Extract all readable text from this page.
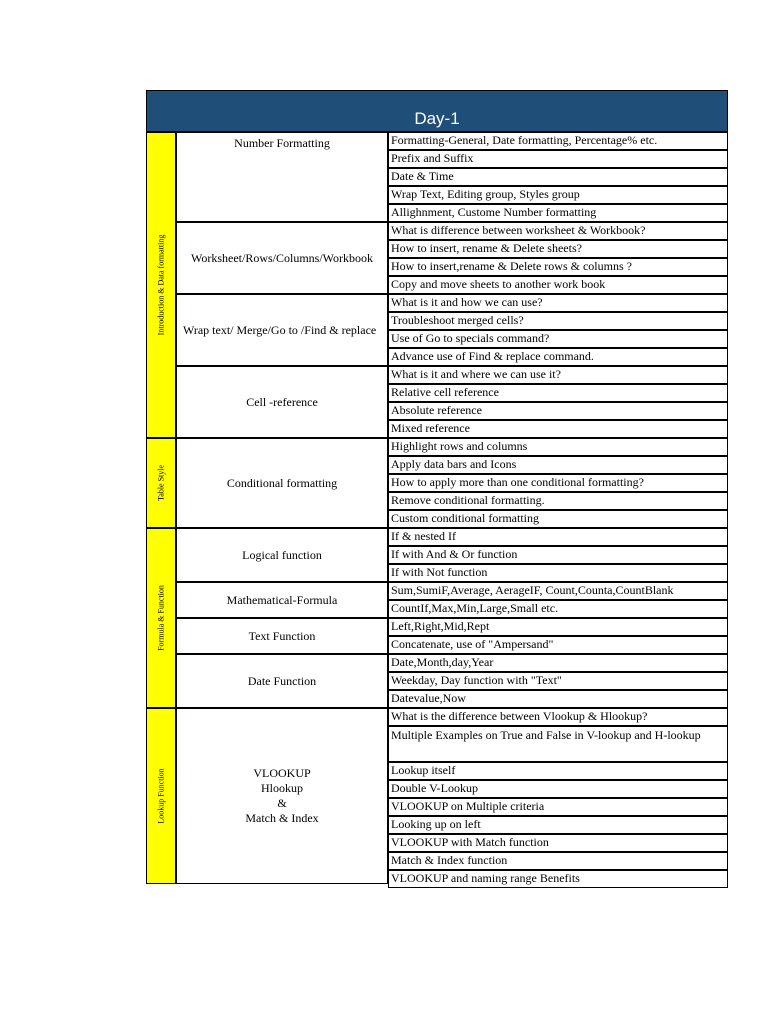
Day-1
Introduction & Data formatting
Table Style
Formula & Function
Lookup Function
Number Formatting
Worksheet/Rows/Columns/Workbook
Wrap text/ Merge/Go to /Find & replace
Cell -reference
Conditional formatting
Logical function
Mathematical-Formula
Text Function
Date Function
VLOOKUP
Hlookup
&
Match & Index
Formatting-General, Date formatting, Percentage% etc.
Prefix and Suffix
Date & Time
Wrap Text, Editing group, Styles group
Allighnment, Custome Number formatting
What is difference between worksheet & Workbook?
How to insert, rename & Delete sheets?
How to insert,rename & Delete rows & columns ?
Copy and move sheets to another work book
What is it and how we can use?
Troubleshoot merged cells?
Use of Go to specials command?
Advance use of Find & replace command.
What is it and where we can use it?
Relative cell reference
Absolute reference
Mixed reference
Highlight rows and columns
Apply data bars and Icons
How to apply more than one conditional formatting?
Remove conditional formatting.
Custom conditional formatting
If & nested If
If with And & Or function
If with Not function
Sum,SumiF,Average, AerageIF, Count,Counta,CountBlank
CountIf,Max,Min,Large,Small etc.
Left,Right,Mid,Rept
Concatenate, use of "Ampersand"
Date,Month,day,Year
Weekday, Day function with "Text"
Datevalue,Now
What is the difference between Vlookup & Hlookup?
Multiple Examples on True and False in V-lookup and H-lookup
Lookup itself
Double V-Lookup
VLOOKUP on Multiple criteria
Looking up on left
VLOOKUP with Match function
Match & Index function
VLOOKUP and naming range Benefits
